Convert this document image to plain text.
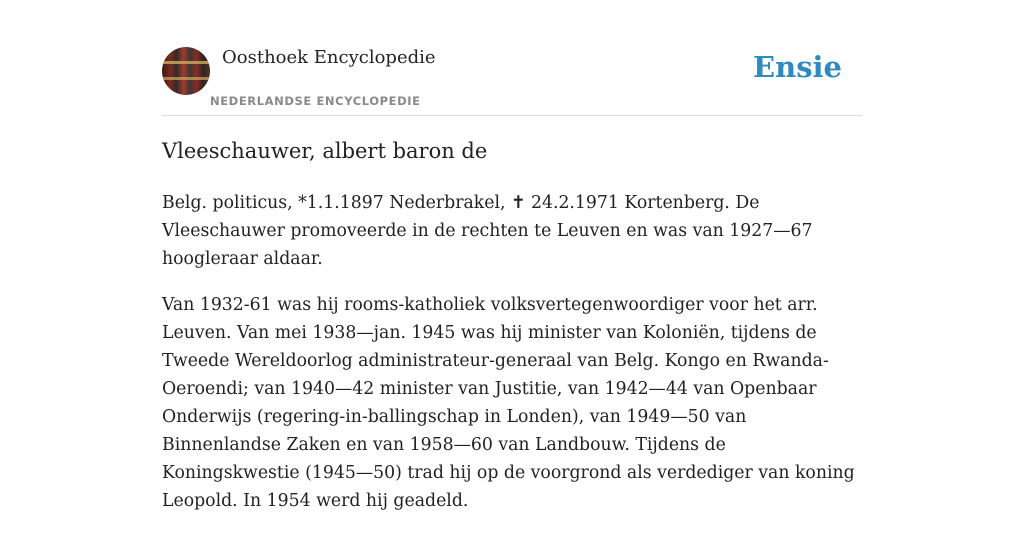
Oosthoek Encyclopedie
NEDERLANDSE ENCYCLOPEDIE
Ensie
Vleeschauwer, albert baron de

Belg. politicus, *1.1.1897 Nederbrakel, ✝ 24.2.1971 Kortenberg. De Vleeschauwer promoveerde in de rechten te Leuven en was van 1927—67 hoogleraar aldaar.

Van 1932-61 was hij rooms-katholiek volksvertegenwoordiger voor het arr. Leuven. Van mei 1938—jan. 1945 was hij minister van Koloniën, tijdens de Tweede Wereldoorlog administrateur-generaal van Belg. Kongo en Rwanda-Oeroendi; van 1940—42 minister van Justitie, van 1942—44 van Openbaar Onderwijs (regering-in-ballingschap in Londen), van 1949—50 van Binnenlandse Zaken en van 1958—60 van Landbouw. Tijdens de Koningskwestie (1945—50) trad hij op de voorgrond als verdediger van koning Leopold. In 1954 werd hij geadeld.
